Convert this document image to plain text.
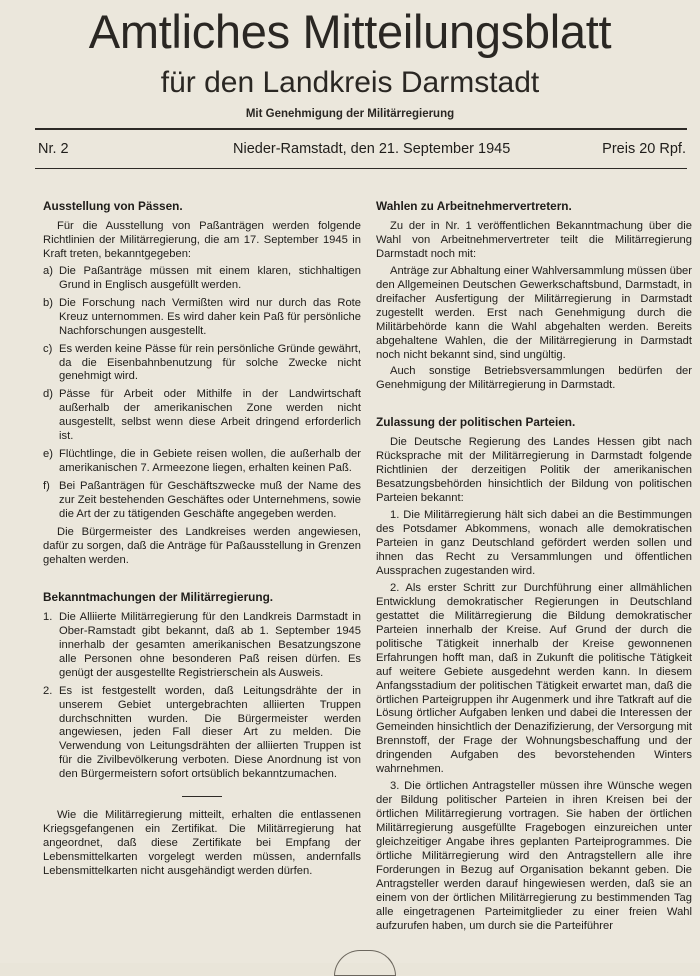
Amtliches Mitteilungsblatt
für den Landkreis Darmstadt
Mit Genehmigung der Militärregierung
Nr. 2	Nieder-Ramstadt, den 21. September 1945	Preis 20 Rpf.
Ausstellung von Pässen.

Für die Ausstellung von Paßanträgen werden folgende Richtlinien der Militärregierung, die am 17. September 1945 in Kraft treten, bekanntgegeben:

a) Die Paßanträge müssen mit einem klaren, stichhaltigen Grund in Englisch ausgefüllt werden.
b) Die Forschung nach Vermißten wird nur durch das Rote Kreuz unternommen. Es wird daher kein Paß für persönliche Nachforschungen ausgestellt.
c) Es werden keine Pässe für rein persönliche Gründe gewährt, da die Eisenbahnbenutzung für solche Zwecke nicht genehmigt wird.
d) Pässe für Arbeit oder Mithilfe in der Landwirtschaft außerhalb der amerikanischen Zone werden nicht ausgestellt, selbst wenn diese Arbeit dringend erforderlich ist.
e) Flüchtlinge, die in Gebiete reisen wollen, die außerhalb der amerikanischen 7. Armeezone liegen, erhalten keinen Paß.
f) Bei Paßanträgen für Geschäftszwecke muß der Name des zur Zeit bestehenden Geschäftes oder Unternehmens, sowie die Art der zu tätigenden Geschäfte angegeben werden.

Die Bürgermeister des Landkreises werden angewiesen, dafür zu sorgen, daß die Anträge für Paßausstellung in Grenzen gehalten werden.

Bekanntmachungen der Militärregierung.
1. Die Alliierte Militärregierung für den Landkreis Darmstadt in Ober-Ramstadt gibt bekannt, daß ab 1. September 1945 innerhalb der gesamten amerikanischen Besatzungszone alle Personen ohne besonderen Paß reisen dürfen. Es genügt der ausgestellte Registrierschein als Ausweis.
2. Es ist festgestellt worden, daß Leitungsdrähte der in unserem Gebiet untergebrachten alliierten Truppen durchschnitten wurden. Die Bürgermeister werden angewiesen, jeden Fall dieser Art zu melden. Die Verwendung von Leitungsdrähten der alliierten Truppen ist für die Zivilbevölkerung verboten. Diese Anordnung ist von den Bürgermeistern sofort ortsüblich bekanntzumachen.

Wie die Militärregierung mitteilt, erhalten die entlassenen Kriegsgefangenen ein Zertifikat. Die Militärregierung hat angeordnet, daß diese Zertifikate bei Empfang der Lebensmittelkarten vorgelegt werden müssen, andernfalls Lebensmittelkarten nicht ausgehändigt werden dürfen.

Wahlen zu Arbeitnehmervertretern.

Zu der in Nr. 1 veröffentlichen Bekanntmachung über die Wahl von Arbeitnehmervertreter teilt die Militärregierung Darmstadt noch mit:

Anträge zur Abhaltung einer Wahlversammlung müssen über den Allgemeinen Deutschen Gewerkschaftsbund, Darmstadt, in dreifacher Ausfertigung der Militärregierung in Darmstadt zugestellt werden. Erst nach Genehmigung durch die Militärbehörde kann die Wahl abgehalten werden. Bereits abgehaltene Wahlen, die der Militärregierung in Darmstadt noch nicht bekannt sind, sind ungültig.

Auch sonstige Betriebsversammlungen bedürfen der Genehmigung der Militärregierung in Darmstadt.

Zulassung der politischen Parteien.

Die Deutsche Regierung des Landes Hessen gibt nach Rücksprache mit der Militärregierung in Darmstadt folgende Richtlinien der derzeitigen Politik der amerikanischen Besatzungsbehörden hinsichtlich der Bildung von politischen Parteien bekannt:

1. Die Militärregierung hält sich dabei an die Bestimmungen des Potsdamer Abkommens, wonach alle demokratischen Parteien in ganz Deutschland gefördert werden sollen und ihnen das Recht zu Versammlungen und öffentlichen Aussprachen zugestanden wird.

2. Als erster Schritt zur Durchführung einer allmählichen Entwicklung demokratischer Regierungen in Deutschland gestattet die Militärregierung die Bildung demokratischer Parteien innerhalb der Kreise. Auf Grund der durch die politische Tätigkeit innerhalb der Kreise gewonnenen Erfahrungen hofft man, daß in Zukunft die politische Tätigkeit auf weitere Gebiete ausgedehnt werden kann. In diesem Anfangsstadium der politischen Tätigkeit erwartet man, daß die örtlichen Parteigruppen ihr Augenmerk und ihre Tatkraft auf die Lösung örtlicher Aufgaben lenken und dabei die Interessen der Gemeinden hinsichtlich der Denazifizierung, der Versorgung mit Brennstoff, der Frage der Wohnungsbeschaffung und der dringenden Aufgaben des bevorstehenden Winters wahrnehmen.

3. Die örtlichen Antragsteller müssen ihre Wünsche wegen der Bildung politischer Parteien in ihren Kreisen bei der örtlichen Militärregierung vortragen. Sie haben der örtlichen Militärregierung ausgefüllte Fragebogen einzureichen unter gleichzeitiger Angabe ihres geplanten Parteiprogrammes. Die örtliche Militärregierung wird den Antragstellern alle ihre Forderungen in Bezug auf Organisation bekannt geben. Die Antragsteller werden darauf hingewiesen werden, daß sie an einem von der örtlichen Militärregierung zu bestimmenden Tag alle eingetragenen Parteimitglieder zu einer freien Wahl aufzurufen haben, um durch sie die Parteiführer
